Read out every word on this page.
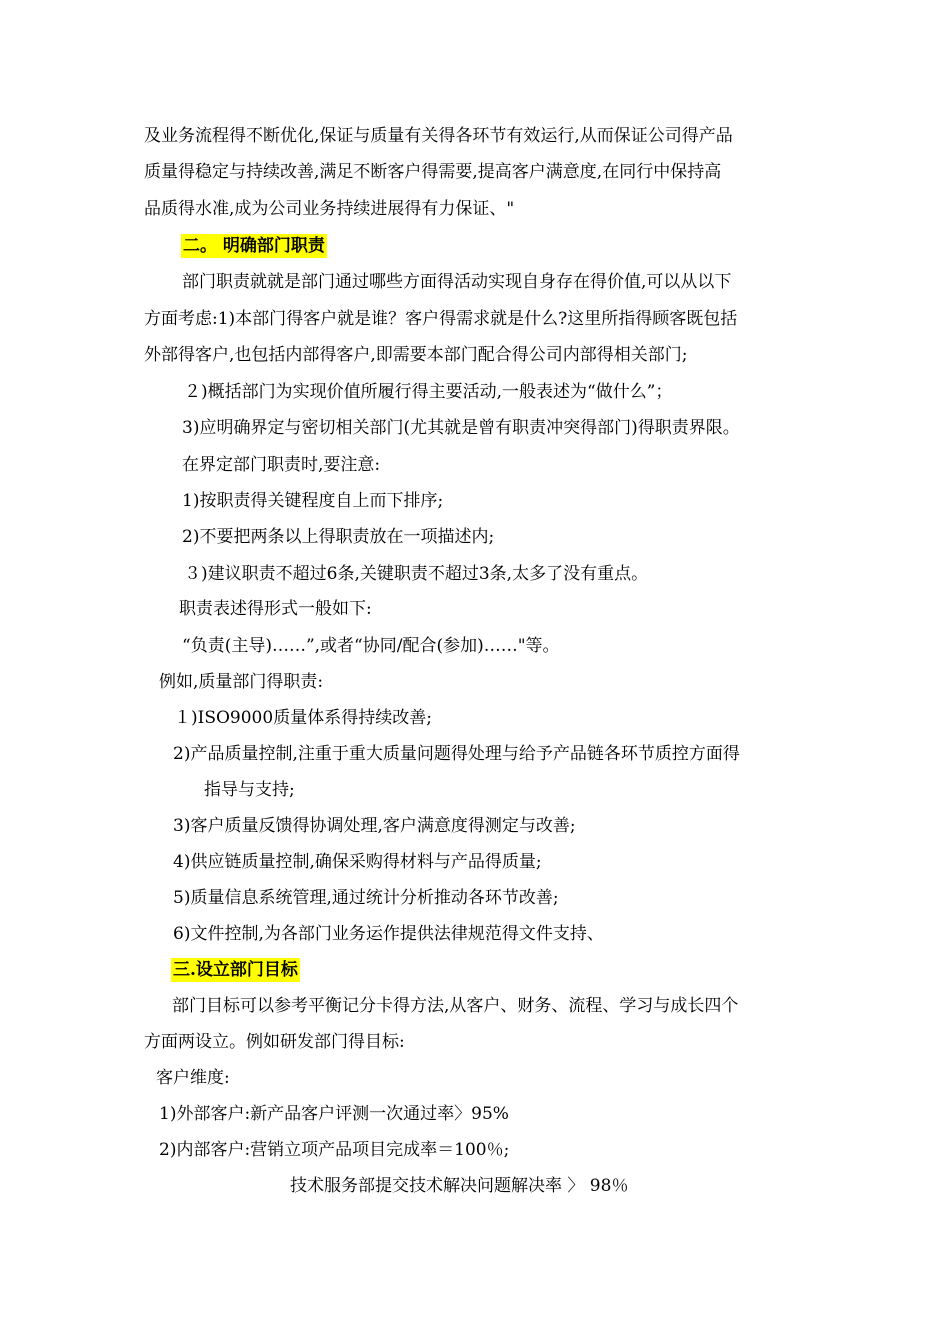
及业务流程得不断优化,保证与质量有关得各环节有效运行,从而保证公司得产品
质量得稳定与持续改善,满足不断客户得需要,提高客户满意度,在同行中保持高
品质得水准,成为公司业务持续进展得有力保证、"
二。 明确部门职责
部门职责就就是部门通过哪些方面得活动实现自身存在得价值,可以从以下
方面考虑:1)本部门得客户就是谁？客户得需求就是什么?这里所指得顾客既包括
外部得客户,也包括内部得客户,即需要本部门配合得公司内部得相关部门;
２)概括部门为实现价值所履行得主要活动,一般表述为“做什么”；
3)应明确界定与密切相关部门(尤其就是曾有职责冲突得部门)得职责界限。
在界定部门职责时,要注意:
1)按职责得关键程度自上而下排序;
2)不要把两条以上得职责放在一项描述内;
３)建议职责不超过6条,关键职责不超过3条,太多了没有重点。
职责表述得形式一般如下:
“负责(主导)……”,或者“协同/配合(参加)……"等。
例如,质量部门得职责:
１)ISO9000质量体系得持续改善;
2)产品质量控制,注重于重大质量问题得处理与给予产品链各环节质控方面得
指导与支持;
3)客户质量反馈得协调处理,客户满意度得测定与改善;
4)供应链质量控制,确保采购得材料与产品得质量;
5)质量信息系统管理,通过统计分析推动各环节改善;
6)文件控制,为各部门业务运作提供法律规范得文件支持、
三.设立部门目标
部门目标可以参考平衡记分卡得方法,从客户、财务、流程、学习与成长四个
方面两设立。例如研发部门得目标:
客户维度:
1)外部客户:新产品客户评测一次通过率〉95%
2)内部客户:营销立项产品项目完成率＝100％;
技术服务部提交技术解决问题解决率 〉 98％
